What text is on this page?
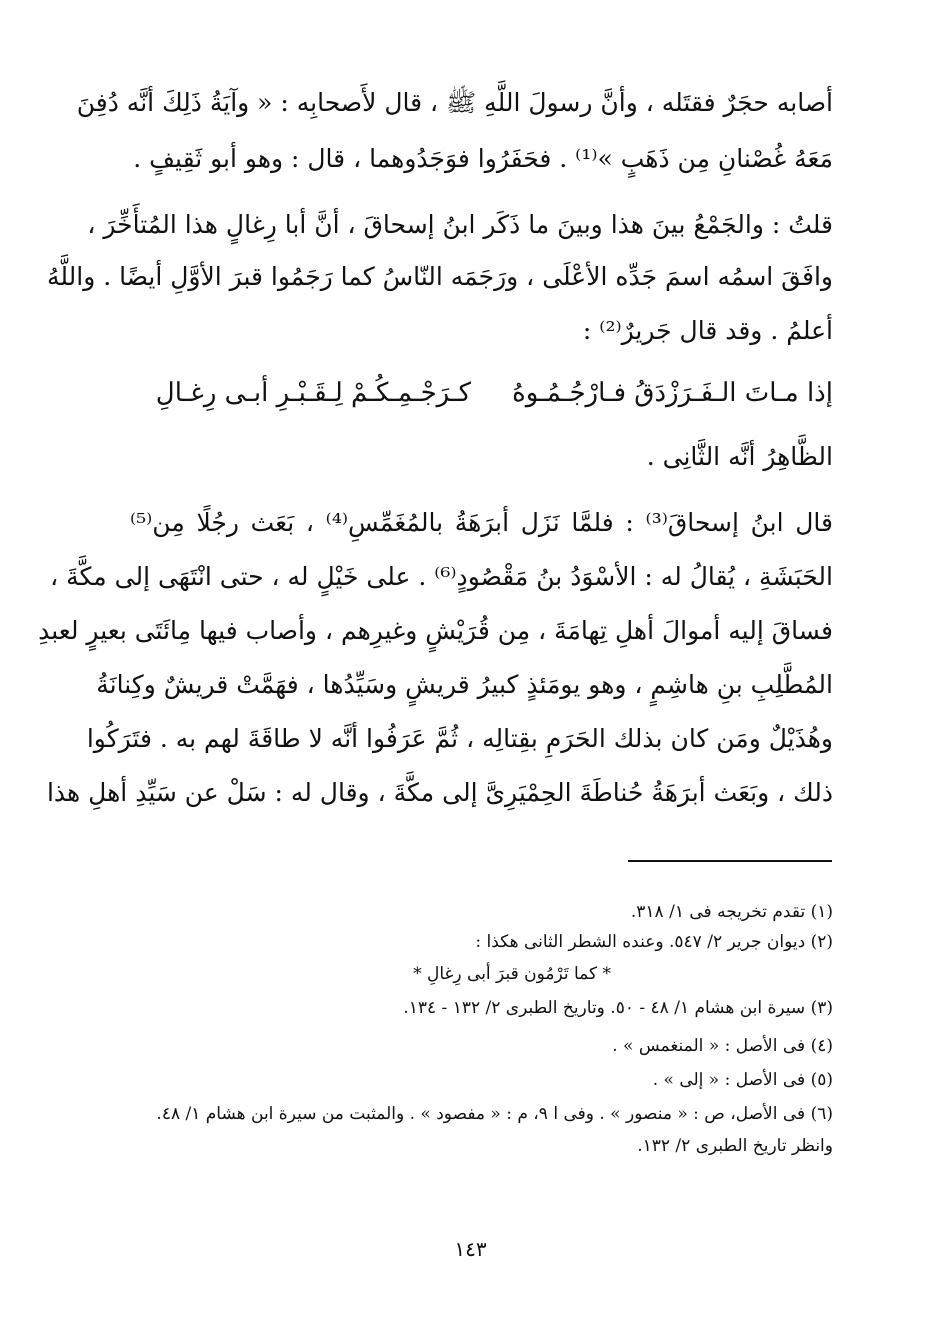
أصابه حجَرٌ فقتَله ، وأنَّ رسولَ اللَّهِ ﷺ ، قال لأَصحابِه : « وآيَةُ ذَلِكَ أنَّه دُفِنَ
مَعَهُ غُصْنانِ مِن ذَهَبٍ »⁽¹⁾ . فحَفَرُوا فوَجَدُوهما ، قال : وهو أبو ثَقِيفٍ .
قلتُ : والجَمْعُ بينَ هذا وبينَ ما ذَكَر ابنُ إسحاقَ ، أنَّ أبا رِغالٍ هذا المُتأَخِّرَ ،
وافَقَ اسمُه اسمَ جَدِّه الأعْلَى ، ورَجَمَه النّاسُ كما رَجَمُوا قبرَ الأوَّلِ أيضًا . واللَّهُ
أعلمُ . وقد قال جَريرٌ⁽²⁾ :
إذا مـاتَ الـفَـرَزْدَقُ فـارْجُـمُـوهُ
كـرَجْـمِـكُـمْ لِـقَـبْـرِ أبـى رِغـالِ
الظَّاهِرُ أنَّه الثَّانِى .
قال ابنُ إسحاقَ⁽³⁾ : فلمَّا نَزَل أبرَهَةُ بالمُغَمِّسِ⁽⁴⁾ ، بَعَث رجُلًا مِن⁽⁵⁾
الحَبَشَةِ ، يُقالُ له : الأسْوَدُ بنُ مَقْصُودٍ⁽⁶⁾ . على خَيْلٍ له ، حتى انْتَهَى إلى مكَّةَ ،
فساقَ إليه أموالَ أهلِ تِهامَةَ ، مِن قُرَيْشٍ وغيرِهم ، وأصاب فيها مِائَتَى بعيرٍ لعبدِ
المُطَّلِبِ بنِ هاشِمٍ ، وهو يومَئذٍ كبيرُ قريشٍ وسَيِّدُها ، فهَمَّتْ قريشٌ وكِنانَةُ
وهُذَيْلٌ ومَن كان بذلك الحَرَمِ بقِتالِه ، ثُمَّ عَرَفُوا أنَّه لا طاقَةَ لهم به . فتَرَكُوا
ذلك ، وبَعَث أبرَهَةُ حُناطَةَ الحِمْيَرِىَّ إلى مكَّةَ ، وقال له : سَلْ عن سَيِّدِ أهلِ هذا
(١) تقدم تخريجه فى ١/ ٣١٨.
(٢) ديوان جرير ٢/ ٥٤٧. وعنده الشطر الثانى هكذا :
* كما تَرْمُون قبرَ أبى رِغالِ *
(٣) سيرة ابن هشام ١/ ٤٨ - ٥٠. وتاريخ الطبرى ٢/ ١٣٢ - ١٣٤.
(٤) فى الأصل : « المنغمس » .
(٥) فى الأصل : « إلى » .
(٦) فى الأصل، ص : « منصور » . وفى ا ٩، م : « مفصود » . والمثبت من سيرة ابن هشام ١/ ٤٨.
وانظر تاريخ الطبرى ٢/ ١٣٢.
١٤٣
